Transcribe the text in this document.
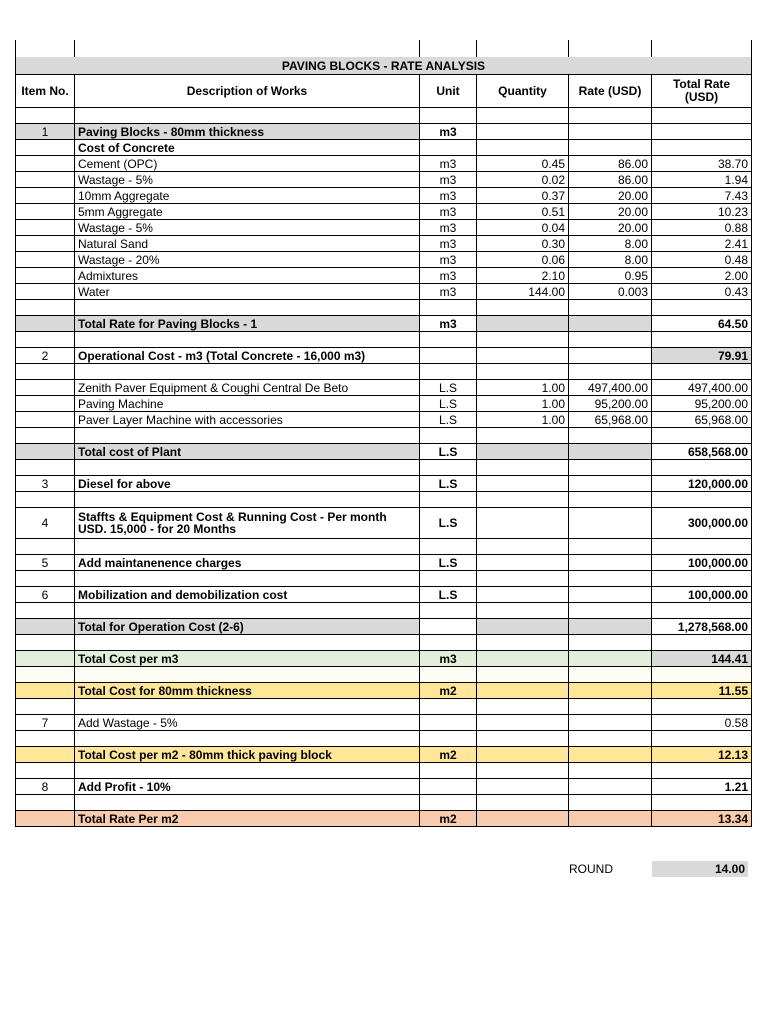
PAVING BLOCKS - RATE ANALYSIS					
Item No.	Description of Works	Unit	Quantity	Rate (USD)	Total Rate (USD)

1	Paving Blocks - 80mm thickness	m3			
	Cost of Concrete				
	Cement (OPC)	m3	0.45	86.00	38.70
	Wastage - 5%	m3	0.02	86.00	1.94
	10mm Aggregate	m3	0.37	20.00	7.43
	5mm Aggregate	m3	0.51	20.00	10.23
	Wastage - 5%	m3	0.04	20.00	0.88
	Natural Sand	m3	0.30	8.00	2.41
	Wastage - 20%	m3	0.06	8.00	0.48
	Admixtures	m3	2.10	0.95	2.00
	Water	m3	144.00	0.003	0.43

	Total Rate for Paving Blocks - 1	m3			64.50

2	Operational Cost - m3 (Total Concrete - 16,000 m3)				79.91

	Zenith Paver Equipment & Coughi Central De Beto	L.S	1.00	497,400.00	497,400.00
	Paving Machine	L.S	1.00	95,200.00	95,200.00
	Paver Layer Machine with accessories	L.S	1.00	65,968.00	65,968.00

	Total cost of Plant	L.S			658,568.00

3	Diesel for above	L.S			120,000.00

4	Staffts & Equipment Cost & Running Cost - Per month USD. 15,000 - for 20 Months	L.S			300,000.00

5	Add maintanenence charges	L.S			100,000.00

6	Mobilization and demobilization cost	L.S			100,000.00

	Total for Operation Cost (2-6)				1,278,568.00

	Total Cost per m3	m3			144.41

	Total Cost for 80mm thickness	m2			11.55

7	Add Wastage - 5%				0.58

	Total Cost per m2 - 80mm thick paving block	m2			12.13

8	Add Profit - 10%				1.21

	Total Rate Per m2	m2			13.34
ROUND	14.00
